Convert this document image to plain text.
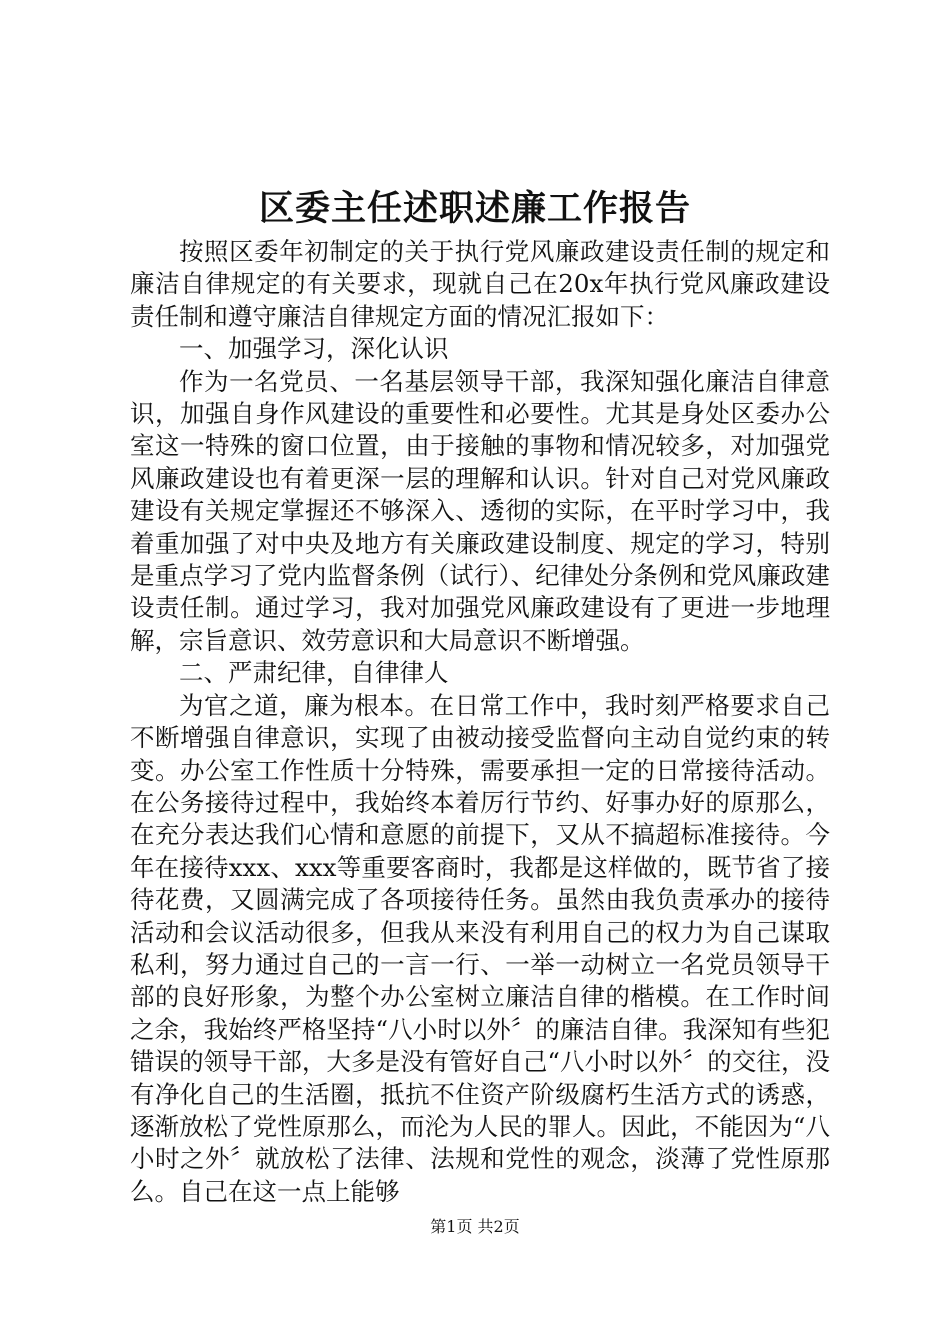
区委主任述职述廉工作报告

按照区委年初制定的关于执行党风廉政建设责任制的规定和廉洁自律规定的有关要求，现就自己在20x年执行党风廉政建设责任制和遵守廉洁自律规定方面的情况汇报如下：

一、加强学习，深化认识

作为一名党员、一名基层领导干部，我深知强化廉洁自律意识，加强自身作风建设的重要性和必要性。尤其是身处区委办公室这一特殊的窗口位置，由于接触的事物和情况较多，对加强党风廉政建设也有着更深一层的理解和认识。针对自己对党风廉政建设有关规定掌握还不够深入、透彻的实际，在平时学习中，我着重加强了对中央及地方有关廉政建设制度、规定的学习，特别是重点学习了党内监督条例（试行）、纪律处分条例和党风廉政建设责任制。通过学习，我对加强党风廉政建设有了更进一步地理解，宗旨意识、效劳意识和大局意识不断增强。

二、严肃纪律，自律律人

为官之道，廉为根本。在日常工作中，我时刻严格要求自己不断增强自律意识，实现了由被动接受监督向主动自觉约束的转变。办公室工作性质十分特殊，需要承担一定的日常接待活动。在公务接待过程中，我始终本着厉行节约、好事办好的原那么，在充分表达我们心情和意愿的前提下，又从不搞超标准接待。今年在接待xxx、xxx等重要客商时，我都是这样做的，既节省了接待花费，又圆满完成了各项接待任务。虽然由我负责承办的接待活动和会议活动很多，但我从来没有利用自己的权力为自己谋取私利，努力通过自己的一言一行、一举一动树立一名党员领导干部的良好形象，为整个办公室树立廉洁自律的楷模。在工作时间之余，我始终严格坚持“八小时以外〞的廉洁自律。我深知有些犯错误的领导干部，大多是没有管好自己“八小时以外〞的交往，没有净化自己的生活圈，抵抗不住资产阶级腐朽生活方式的诱惑，逐渐放松了党性原那么，而沦为人民的罪人。因此，不能因为“八小时之外〞就放松了法律、法规和党性的观念，淡薄了党性原那么。自己在这一点上能够

第1页 共2页
